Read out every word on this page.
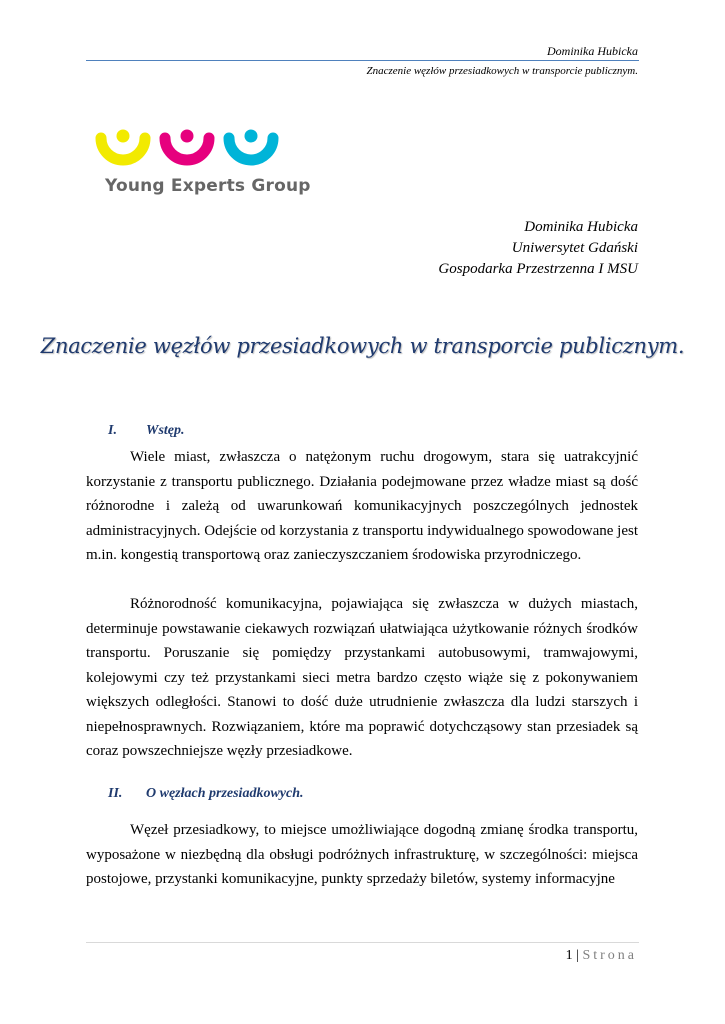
Dominika Hubicka
Znaczenie węzłów przesiadkowych w transporcie publicznym.
Young Experts Group
Dominika Hubicka
Uniwersytet Gdański
Gospodarka Przestrzenna I MSU
Znaczenie węzłów przesiadkowych w transporcie publicznym.
I. Wstęp.

Wiele miast, zwłaszcza o natężonym ruchu drogowym, stara się uatrakcyjnić korzystanie z transportu publicznego. Działania podejmowane przez władze miast są dość różnorodne i zależą od uwarunkowań komunikacyjnych poszczególnych jednostek administracyjnych. Odejście od korzystania z transportu indywidualnego spowodowane jest m.in. kongestią transportową oraz zanieczyszczaniem środowiska przyrodniczego.

Różnorodność komunikacyjna, pojawiająca się zwłaszcza w dużych miastach, determinuje powstawanie ciekawych rozwiązań ułatwiająca użytkowanie różnych środków transportu. Poruszanie się pomiędzy przystankami autobusowymi, tramwajowymi, kolejowymi czy też przystankami sieci metra bardzo często wiąże się z pokonywaniem większych odległości. Stanowi to dość duże utrudnienie zwłaszcza dla ludzi starszych i niepełnosprawnych. Rozwiązaniem, które ma poprawić dotychcząsowy stan przesiadek są coraz powszechniejsze węzły przesiadkowe.

II. O węzłach przesiadkowych.

Węzeł przesiadkowy, to miejsce umożliwiające dogodną zmianę środka transportu, wyposażone w niezbędną dla obsługi podróżnych infrastrukturę, w szczególności: miejsca postojowe, przystanki komunikacyjne, punkty sprzedaży biletów, systemy informacyjne

1 | Strona
